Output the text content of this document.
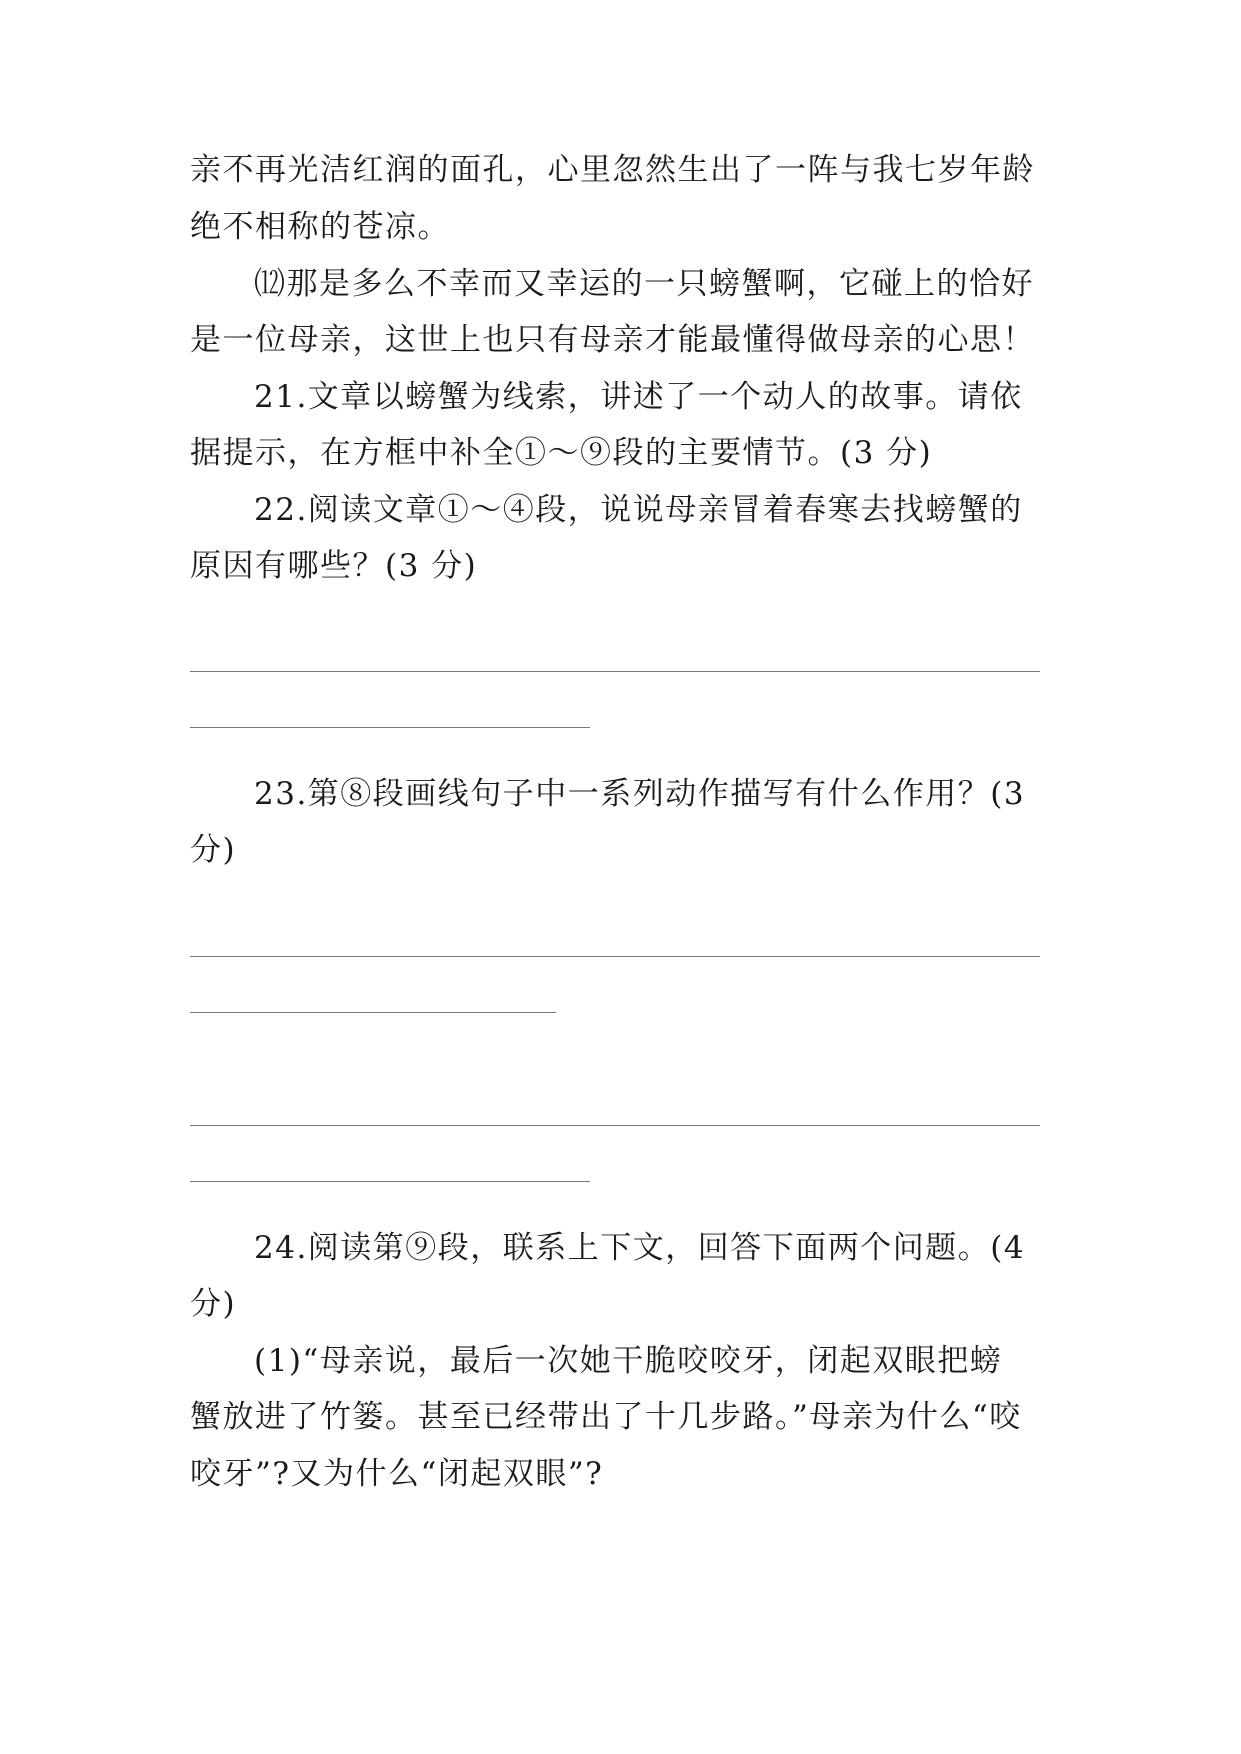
亲不再光洁红润的面孔，心里忽然生出了一阵与我七岁年龄
绝不相称的苍凉。
⑿那是多么不幸而又幸运的一只螃蟹啊，它碰上的恰好
是一位母亲，这世上也只有母亲才能最懂得做母亲的心思！
21.文章以螃蟹为线索，讲述了一个动人的故事。请依
据提示，在方框中补全①～⑨段的主要情节。(3 分)
22.阅读文章①～④段，说说母亲冒着春寒去找螃蟹的
原因有哪些？(3 分)
23.第⑧段画线句子中一系列动作描写有什么作用？(3
分)
24.阅读第⑨段，联系上下文，回答下面两个问题。(4
分)
(1)“母亲说，最后一次她干脆咬咬牙，闭起双眼把螃
蟹放进了竹篓。甚至已经带出了十几步路。”母亲为什么“咬
咬牙”?又为什么“闭起双眼”?
